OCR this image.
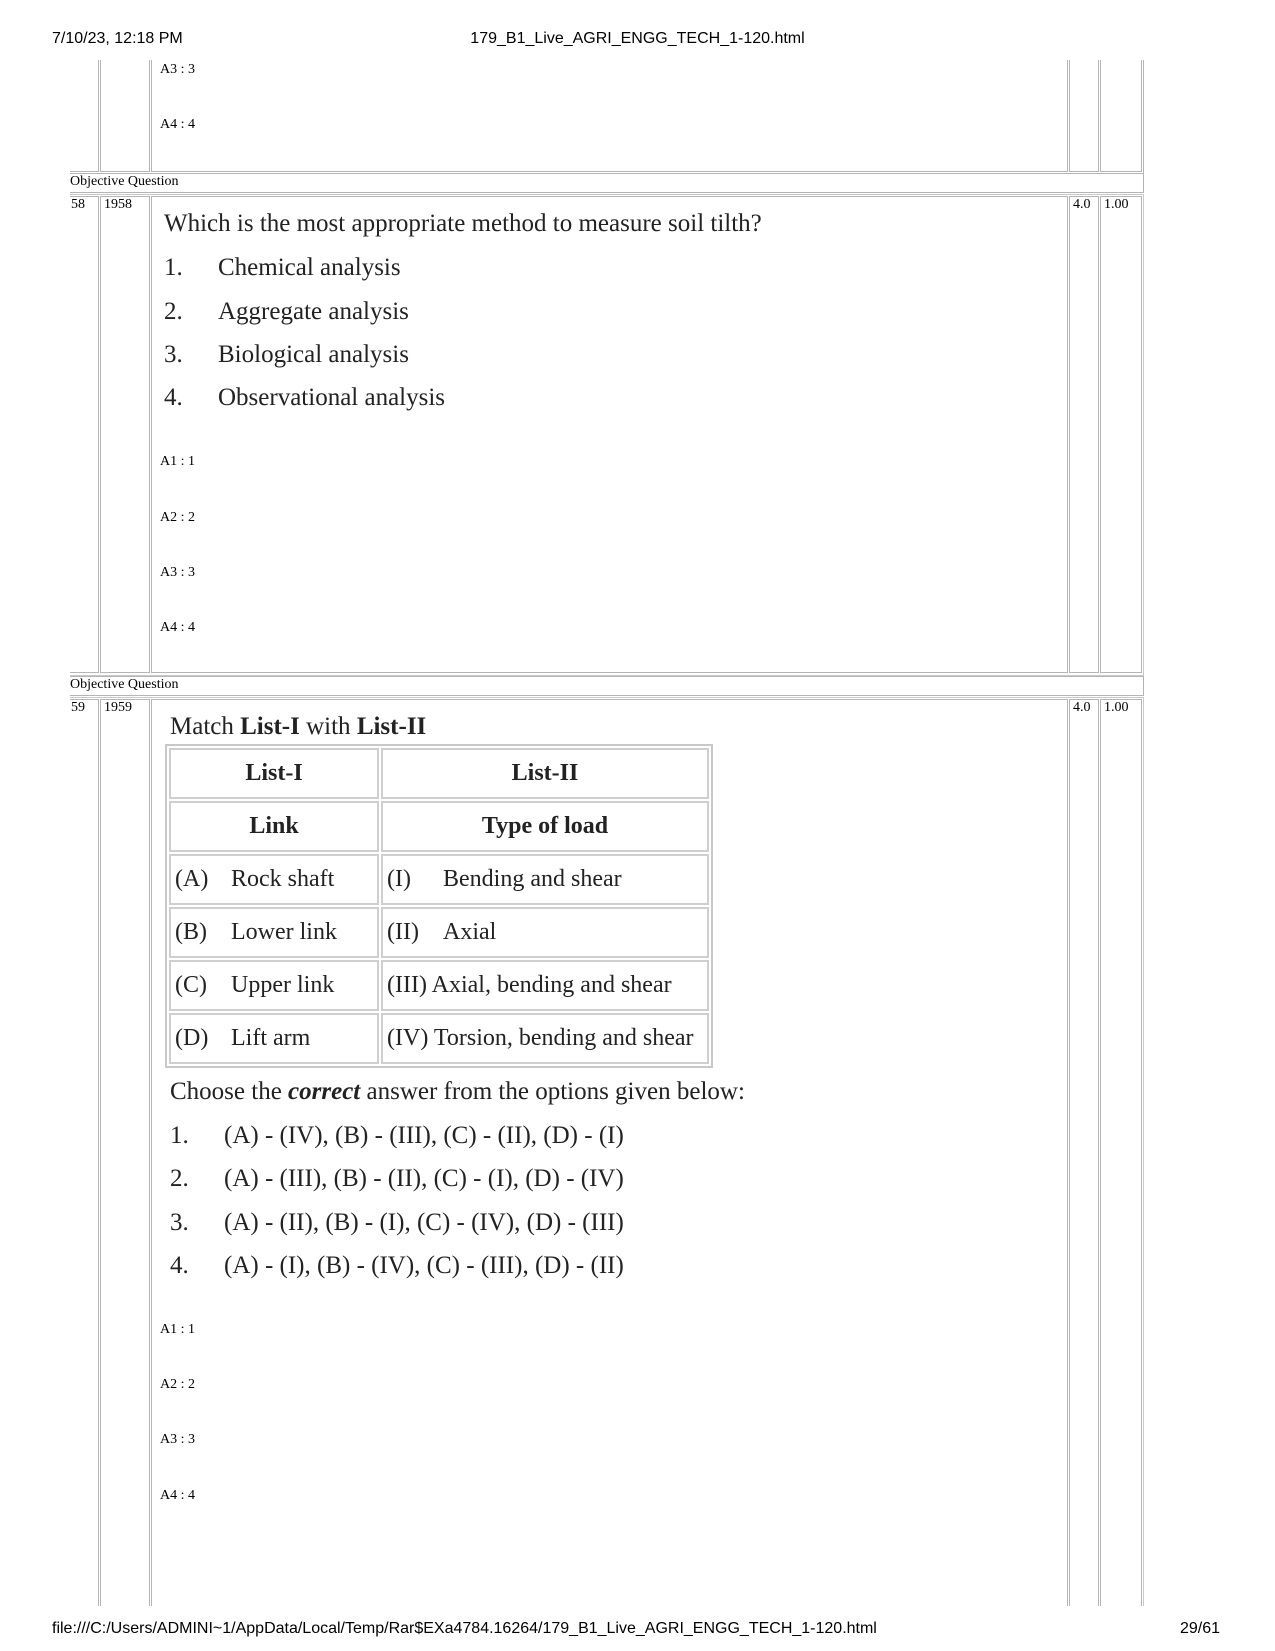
7/10/23, 12:18 PM	179_B1_Live_AGRI_ENGG_TECH_1-120.html
A3 : 3
A4 : 4
Objective Question
58 1958	4.0 1.00
Which is the most appropriate method to measure soil tilth?
1. Chemical analysis
2. Aggregate analysis
3. Biological analysis
4. Observational analysis
A1 : 1
A2 : 2
A3 : 3
A4 : 4
Objective Question
59 1959	4.0 1.00
Match List-I with List-II
List-I	List-II
Link	Type of load
(A) Rock shaft	(I) Bending and shear
(B) Lower link	(II) Axial
(C) Upper link	(III) Axial, bending and shear
(D) Lift arm	(IV) Torsion, bending and shear
Choose the correct answer from the options given below:
1. (A) - (IV), (B) - (III), (C) - (II), (D) - (I)
2. (A) - (III), (B) - (II), (C) - (I), (D) - (IV)
3. (A) - (II), (B) - (I), (C) - (IV), (D) - (III)
4. (A) - (I), (B) - (IV), (C) - (III), (D) - (II)
A1 : 1
A2 : 2
A3 : 3
A4 : 4
file:///C:/Users/ADMINI~1/AppData/Local/Temp/Rar$EXa4784.16264/179_B1_Live_AGRI_ENGG_TECH_1-120.html	29/61
